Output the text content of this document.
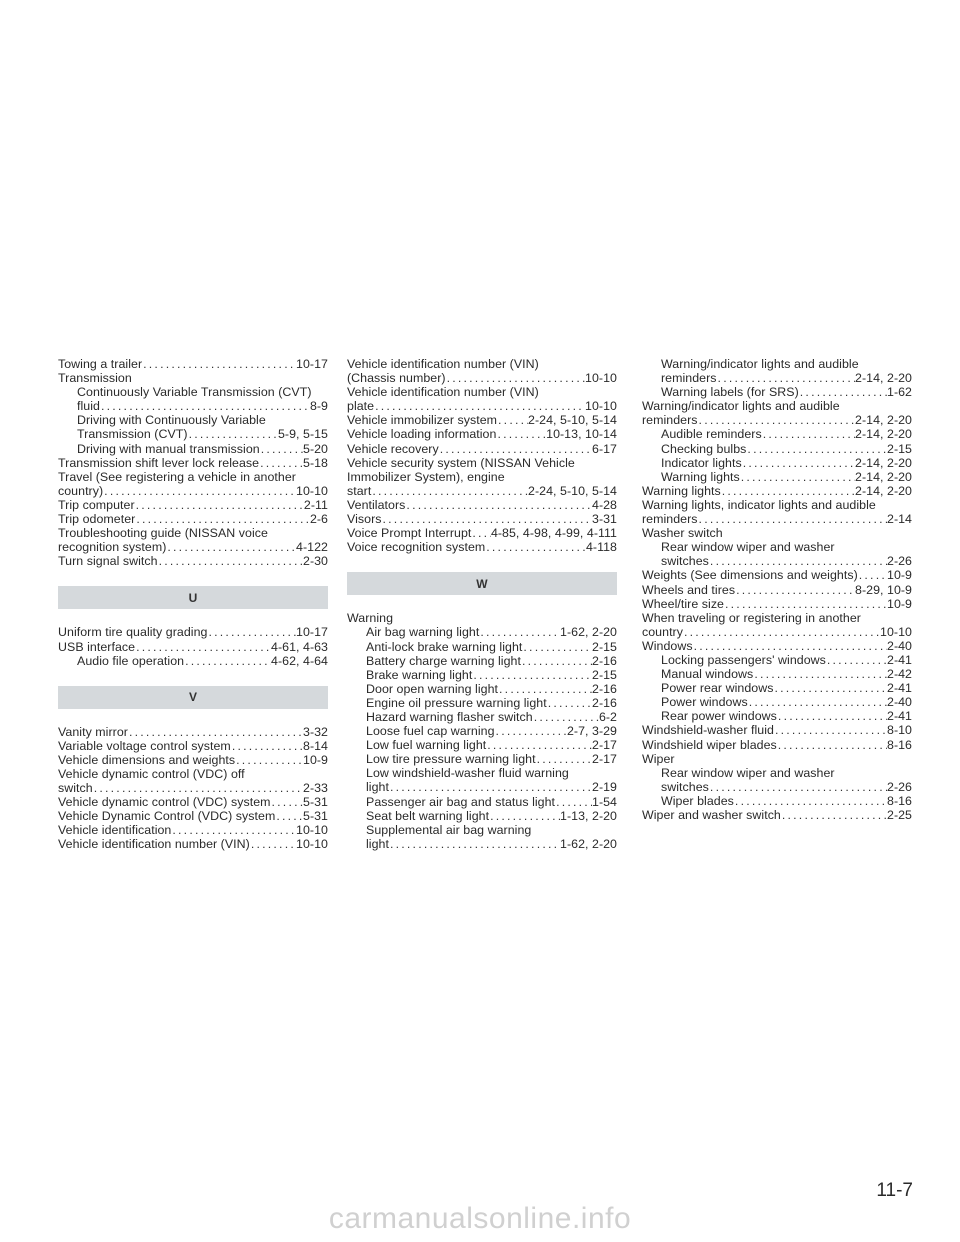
Towing a trailer .....	10-17
Transmission
Continuously Variable Transmission (CVT)
fluid .....	8-9
Driving with Continuously Variable
Transmission (CVT) .....	5-9, 5-15
Driving with manual transmission .....	5-20
Transmission shift lever lock release .....	5-18
Travel (See registering a vehicle in another
country) .....	10-10
Trip computer .....	2-11
Trip odometer .....	2-6
Troubleshooting guide (NISSAN voice
recognition system) .....	4-122
Turn signal switch .....	2-30
U
Uniform tire quality grading .....	10-17
USB interface .....	4-61, 4-63
Audio file operation .....	4-62, 4-64
V
Vanity mirror .....	3-32
Variable voltage control system .....	8-14
Vehicle dimensions and weights .....	10-9
Vehicle dynamic control (VDC) off
switch .....	2-33
Vehicle dynamic control (VDC) system .....	5-31
Vehicle Dynamic Control (VDC) system ..... 5-31
Vehicle identification .....	10-10
Vehicle identification number (VIN) .....	10-10
Vehicle identification number (VIN)
(Chassis number) .....	10-10
Vehicle identification number (VIN)
plate .....	10-10
Vehicle immobilizer system .....	2-24, 5-10, 5-14
Vehicle loading information .....	10-13, 10-14
Vehicle recovery .....	6-17
Vehicle security system (NISSAN Vehicle
Immobilizer System), engine
start .....	2-24, 5-10, 5-14
Ventilators .....	4-28
Visors .....	3-31
Voice Prompt Interrupt ..... 4-85, 4-98, 4-99, 4-111
Voice recognition system .....	4-118
W
Warning
Air bag warning light .....	1-62, 2-20
Anti-lock brake warning light .....	2-15
Battery charge warning light .....	2-16
Brake warning light .....	2-15
Door open warning light .....	2-16
Engine oil pressure warning light .....	2-16
Hazard warning flasher switch .....	6-2
Loose fuel cap warning .....	2-7, 3-29
Low fuel warning light .....	2-17
Low tire pressure warning light .....	2-17
Low windshield-washer fluid warning
light .....	2-19
Passenger air bag and status light .....	1-54
Seat belt warning light .....	1-13, 2-20
Supplemental air bag warning
light .....	1-62, 2-20
Warning/indicator lights and audible
reminders .....	2-14, 2-20
Warning labels (for SRS) .....	1-62
Warning/indicator lights and audible
reminders .....	2-14, 2-20
Audible reminders .....	2-14, 2-20
Checking bulbs .....	2-15
Indicator lights .....	2-14, 2-20
Warning lights .....	2-14, 2-20
Warning lights .....	2-14, 2-20
Warning lights, indicator lights and audible
reminders .....	2-14
Washer switch
Rear window wiper and washer
switches .....	2-26
Weights (See dimensions and weights) ..... 10-9
Wheels and tires .....	8-29, 10-9
Wheel/tire size .....	10-9
When traveling or registering in another
country .....	10-10
Windows .....	2-40
Locking passengers' windows .....	2-41
Manual windows .....	2-42
Power rear windows .....	2-41
Power windows .....	2-40
Rear power windows .....	2-41
Windshield-washer fluid .....	8-10
Windshield wiper blades .....	8-16
Wiper
Rear window wiper and washer
switches .....	2-26
Wiper blades .....	8-16
Wiper and washer switch .....	2-25
11-7
carmanualsonline.info
